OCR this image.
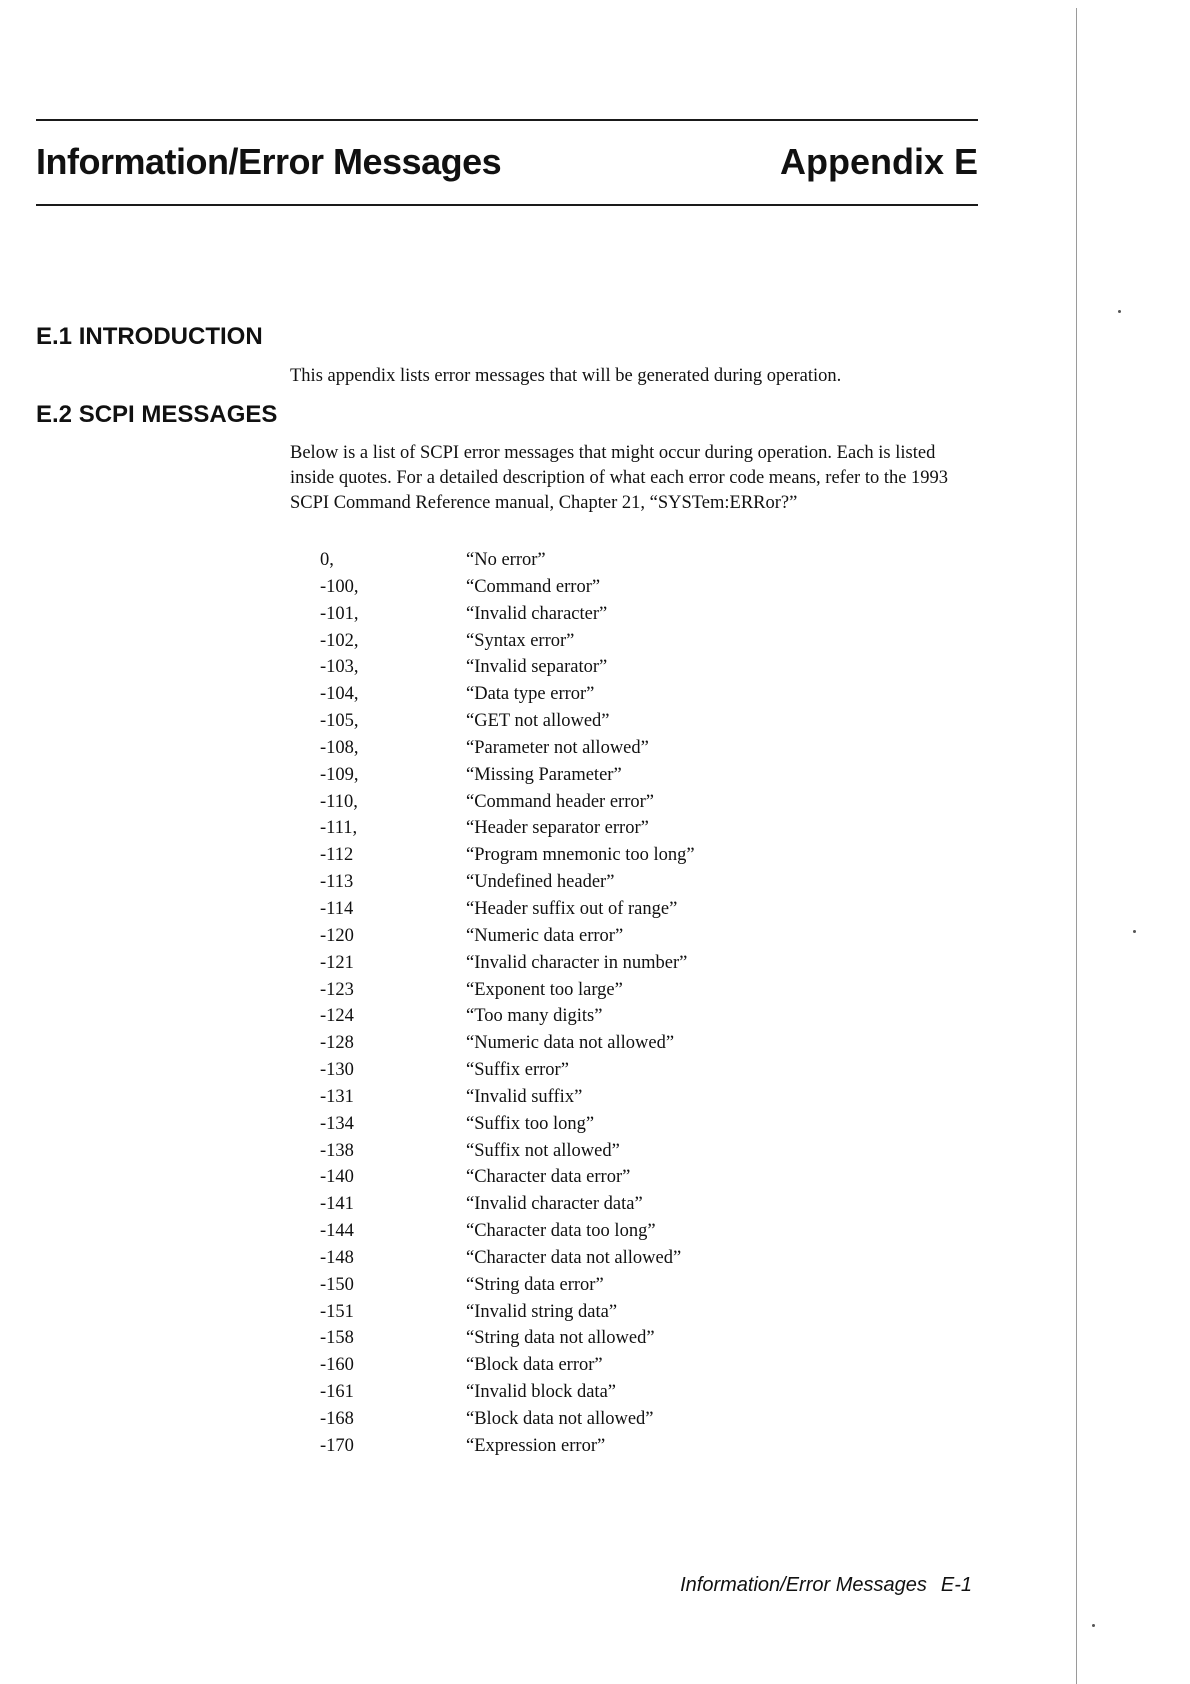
Information/Error Messages	Appendix E
E.1 INTRODUCTION

This appendix lists error messages that will be generated during operation.

E.2 SCPI MESSAGES

Below is a list of SCPI error messages that might occur during operation. Each is listed inside quotes. For a detailed description of what each error code means, refer to the 1993 SCPI Command Reference manual, Chapter 21, “SYSTem:ERRor?”

0,	“No error”
-100,	“Command error”
-101,	“Invalid character”
-102,	“Syntax error”
-103,	“Invalid separator”
-104,	“Data type error”
-105,	“GET not allowed”
-108,	“Parameter not allowed”
-109,	“Missing Parameter”
-110,	“Command header error”
-111,	“Header separator error”
-112	“Program mnemonic too long”
-113	“Undefined header”
-114	“Header suffix out of range”
-120	“Numeric data error”
-121	“Invalid character in number”
-123	“Exponent too large”
-124	“Too many digits”
-128	“Numeric data not allowed”
-130	“Suffix error”
-131	“Invalid suffix”
-134	“Suffix too long”
-138	“Suffix not allowed”
-140	“Character data error”
-141	“Invalid character data”
-144	“Character data too long”
-148	“Character data not allowed”
-150	“String data error”
-151	“Invalid string data”
-158	“String data not allowed”
-160	“Block data error”
-161	“Invalid block data”
-168	“Block data not allowed”
-170	“Expression error”
Information/Error Messages E-1
